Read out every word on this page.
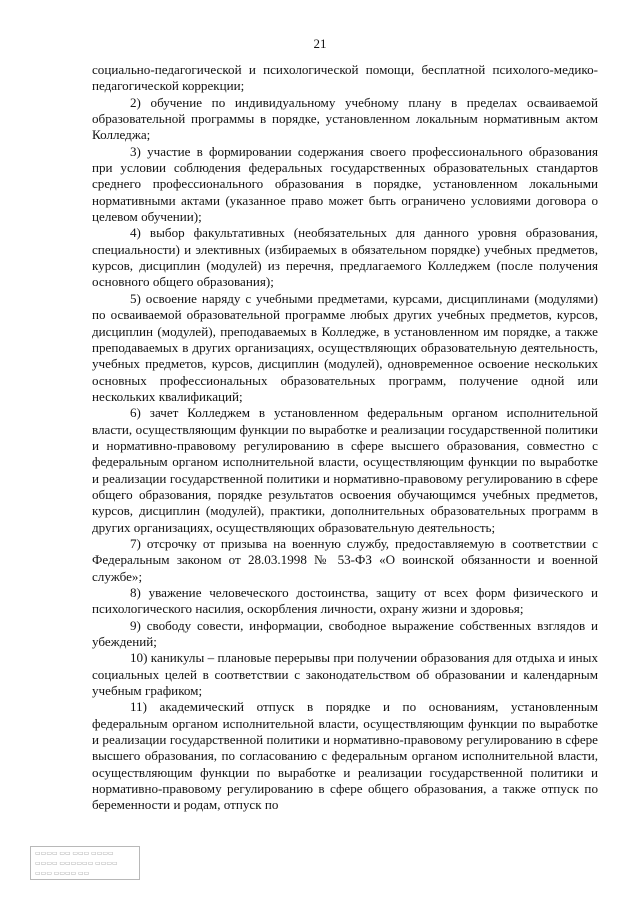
21

социально-педагогической и психологической помощи, бесплатной психолого-медико-педагогической коррекции;

2) обучение по индивидуальному учебному плану в пределах осваиваемой образовательной программы в порядке, установленном локальным нормативным актом Колледжа;

3) участие в формировании содержания своего профессионального образования при условии соблюдения федеральных государственных образовательных стандартов среднего профессионального образования в порядке, установленном локальными нормативными актами (указанное право может быть ограничено условиями договора о целевом обучении);

4) выбор факультативных (необязательных для данного уровня образования, специальности) и элективных (избираемых в обязательном порядке) учебных предметов, курсов, дисциплин (модулей) из перечня, предлагаемого Колледжем (после получения основного общего образования);

5) освоение наряду с учебными предметами, курсами, дисциплинами (модулями) по осваиваемой образовательной программе любых других учебных предметов, курсов, дисциплин (модулей), преподаваемых в Колледже, в установленном им порядке, а также преподаваемых в других организациях, осуществляющих образовательную деятельность, учебных предметов, курсов, дисциплин (модулей), одновременное освоение нескольких основных профессиональных образовательных программ, получение одной или нескольких квалификаций;

6) зачет Колледжем в установленном федеральным органом исполнительной власти, осуществляющим функции по выработке и реализации государственной политики и нормативно-правовому регулированию в сфере высшего образования, совместно с федеральным органом исполнительной власти, осуществляющим функции по выработке и реализации государственной политики и нормативно-правовому регулированию в сфере общего образования, порядке результатов освоения обучающимся учебных предметов, курсов, дисциплин (модулей), практики, дополнительных образовательных программ в других организациях, осуществляющих образовательную деятельность;

7) отсрочку от призыва на военную службу, предоставляемую в соответствии с Федеральным законом от 28.03.1998 № 53-ФЗ «О воинской обязанности и военной службе»;

8) уважение человеческого достоинства, защиту от всех форм физического и психологического насилия, оскорбления личности, охрану жизни и здоровья;

9) свободу совести, информации, свободное выражение собственных взглядов и убеждений;

10) каникулы – плановые перерывы при получении образования для отдыха и иных социальных целей в соответствии с законодательством об образовании и календарным учебным графиком;

11) академический отпуск в порядке и по основаниям, установленным федеральным органом исполнительной власти, осуществляющим функции по выработке и реализации государственной политики и нормативно-правовому регулированию в сфере высшего образования, по согласованию с федеральным органом исполнительной власти, осуществляющим функции по выработке и реализации государственной политики и нормативно-правовому регулированию в сфере общего образования, а также отпуск по беременности и родам, отпуск по

▭▭▭▭ ▭▭ ▭▭▭ ▭▭▭▭
▭▭▭▭ ▭▭▭▭▭▭ ▭▭▭▭
▭▭▭ ▭▭▭▭ ▭▭
